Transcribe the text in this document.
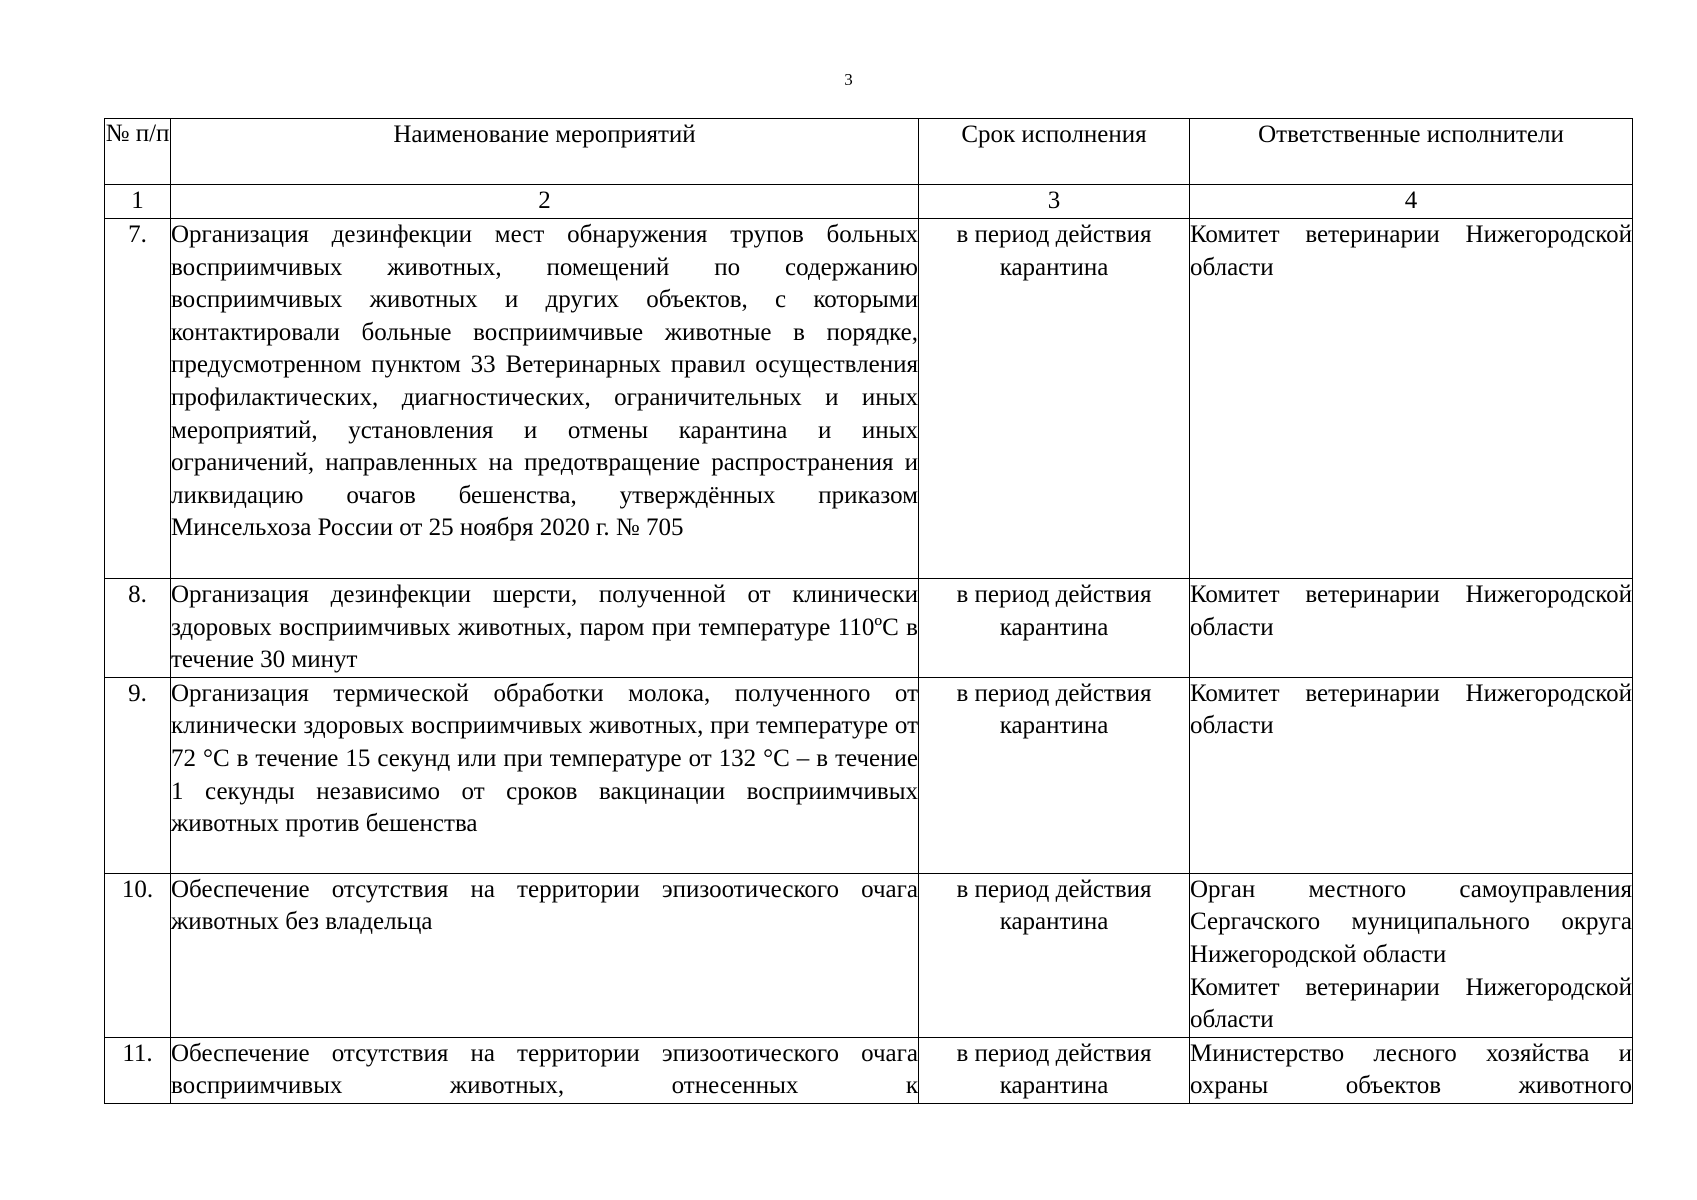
3
№ п/п	Наименование мероприятий	Срок исполнения	Ответственные исполнители
1	2	3	4
7.	Организация дезинфекции мест обнаружения трупов больных восприимчивых животных, помещений по содержанию восприимчивых животных и других объектов, с которыми контактировали больные восприимчивые животные в порядке, предусмотренном пунктом 33 Ветеринарных правил осуществления профилактических, диагностических, ограничительных и иных мероприятий, установления и отмены карантина и иных ограничений, направленных на предотвращение распространения и ликвидацию очагов бешенства, утверждённых приказом Минсельхоза России от 25 ноября 2020 г. № 705	в период действия карантина	Комитет ветеринарии Нижегородской области

8.	Организация дезинфекции шерсти, полученной от клинически здоровых восприимчивых животных, паром при температуре 110ºС в течение 30 минут	в период действия карантина	Комитет ветеринарии Нижегородской области

9.	Организация термической обработки молока, полученного от клинически здоровых восприимчивых животных, при температуре от 72 °С в течение 15 секунд или при температуре от 132 °С – в течение 1 секунды независимо от сроков вакцинации восприимчивых животных против бешенства	в период действия карантина	Комитет ветеринарии Нижегородской области

10.	Обеспечение отсутствия на территории эпизоотического очага животных без владельца	в период действия карантина	Орган местного самоуправления Сергачского муниципального округа Нижегородской области
Комитет ветеринарии Нижегородской области

11.	Обеспечение отсутствия на территории эпизоотического очага восприимчивых животных, отнесенных к	в период действия карантина	Министерство лесного хозяйства и охраны объектов животного
